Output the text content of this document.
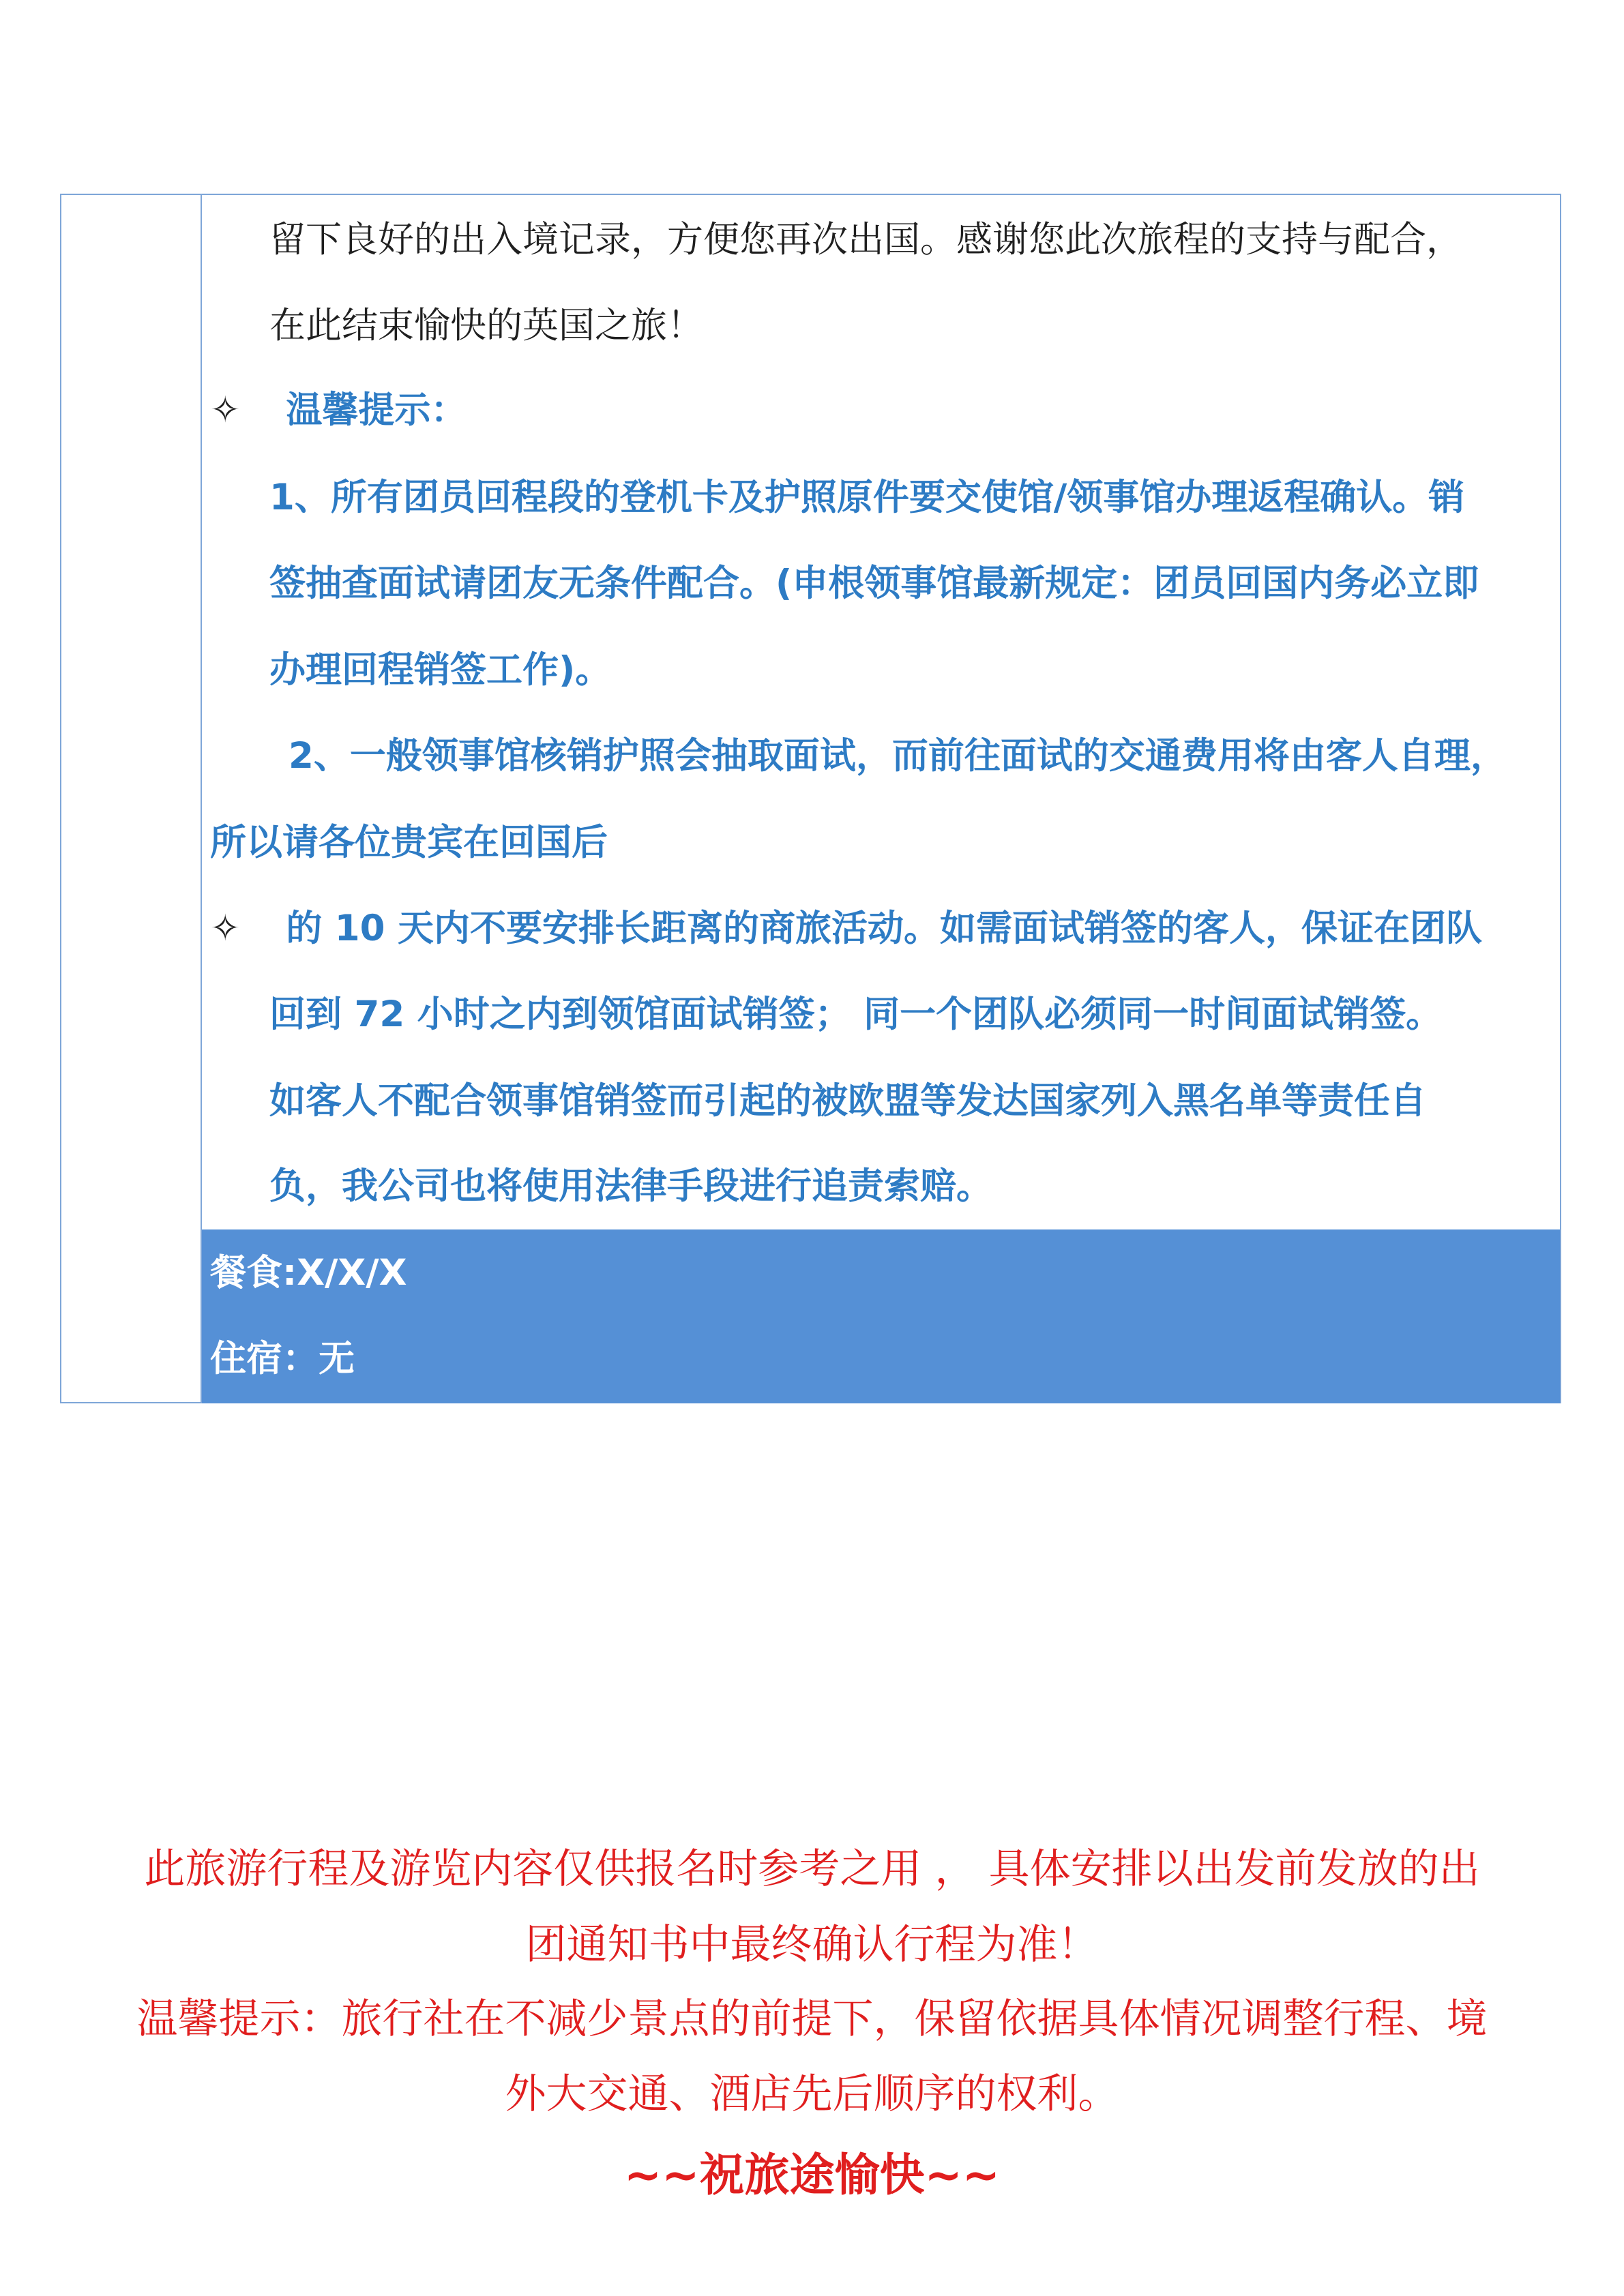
留下良好的出入境记录，方便您再次出国。感谢您此次旅程的支持与配合，
在此结束愉快的英国之旅！
✧ 温馨提示：
1、所有团员回程段的登机卡及护照原件要交使馆/领事馆办理返程确认。销
签抽查面试请团友无条件配合。(申根领事馆最新规定：团员回国内务必立即
办理回程销签工作)。
2、一般领事馆核销护照会抽取面试，而前往面试的交通费用将由客人自理，
所以请各位贵宾在回国后
✧ 的 10 天内不要安排长距离的商旅活动。如需面试销签的客人，保证在团队
回到 72 小时之内到领馆面试销签； 同一个团队必须同一时间面试销签。
如客人不配合领事馆销签而引起的被欧盟等发达国家列入黑名单等责任自
负，我公司也将使用法律手段进行追责索赔。
餐食:X/X/X
住宿：无
此旅游行程及游览内容仅供报名时参考之用 ， 具体安排以出发前发放的出
团通知书中最终确认行程为准！
温馨提示：旅行社在不减少景点的前提下，保留依据具体情况调整行程、境
外大交通、酒店先后顺序的权利。
~~祝旅途愉快~~
